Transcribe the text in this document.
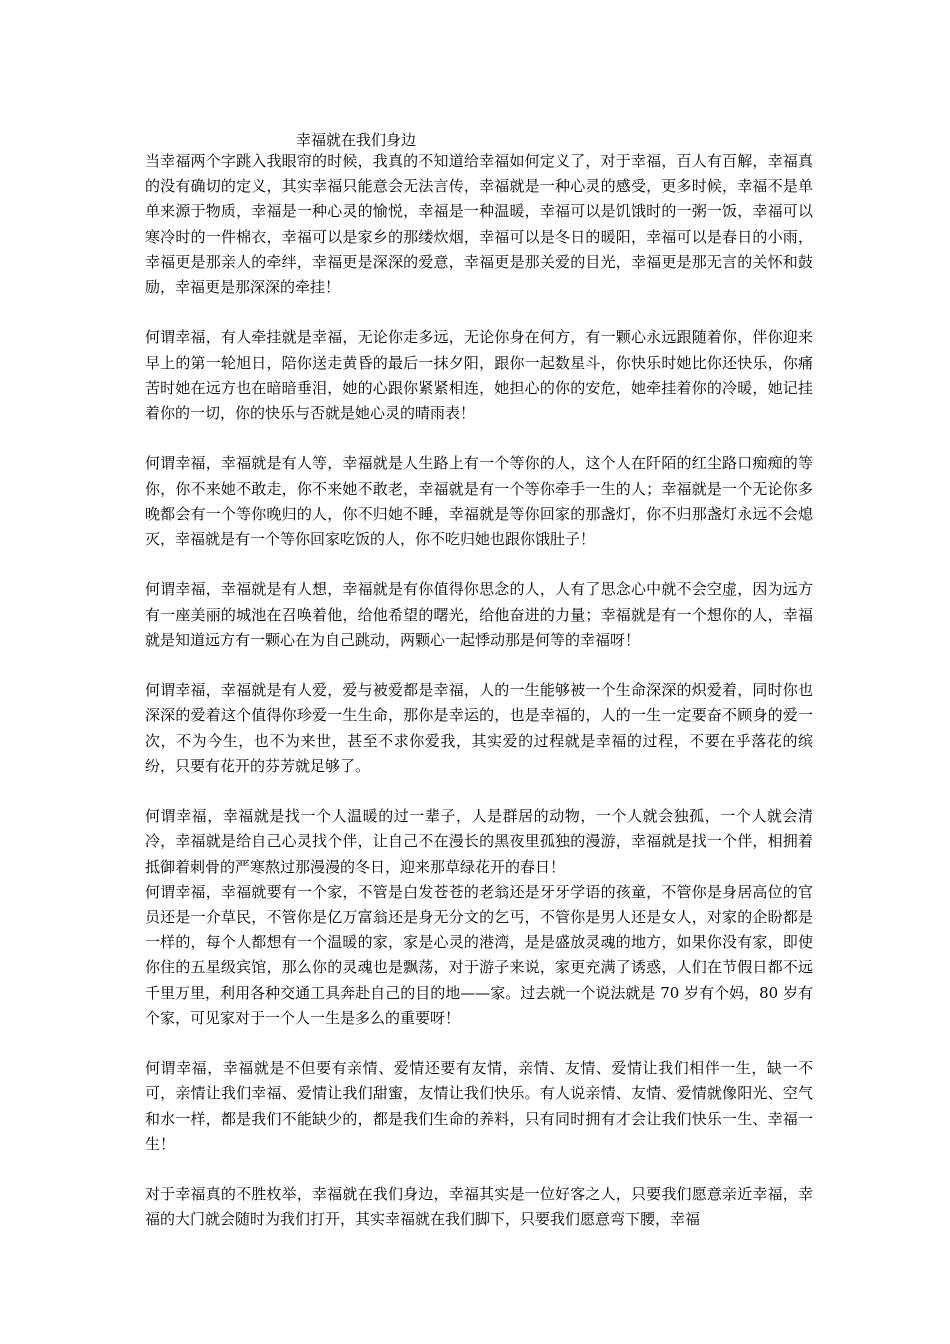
幸福就在我们身边

当幸福两个字跳入我眼帘的时候，我真的不知道给幸福如何定义了，对于幸福，百人有百解，幸福真的没有确切的定义，其实幸福只能意会无法言传，幸福就是一种心灵的感受，更多时候，幸福不是单单来源于物质，幸福是一种心灵的愉悦，幸福是一种温暖，幸福可以是饥饿时的一粥一饭，幸福可以寒冷时的一件棉衣，幸福可以是家乡的那缕炊烟，幸福可以是冬日的暖阳，幸福可以是春日的小雨，幸福更是那亲人的牵绊，幸福更是深深的爱意，幸福更是那关爱的目光，幸福更是那无言的关怀和鼓励，幸福更是那深深的牵挂！

何谓幸福，有人牵挂就是幸福，无论你走多远，无论你身在何方，有一颗心永远跟随着你，伴你迎来早上的第一轮旭日，陪你送走黄昏的最后一抹夕阳，跟你一起数星斗，你快乐时她比你还快乐，你痛苦时她在远方也在暗暗垂泪，她的心跟你紧紧相连，她担心的你的安危，她牵挂着你的冷暖，她记挂着你的一切，你的快乐与否就是她心灵的晴雨表！

何谓幸福，幸福就是有人等，幸福就是人生路上有一个等你的人，这个人在阡陌的红尘路口痴痴的等你，你不来她不敢走，你不来她不敢老，幸福就是有一个等你牵手一生的人；幸福就是一个无论你多晚都会有一个等你晚归的人，你不归她不睡，幸福就是等你回家的那盏灯，你不归那盏灯永远不会熄灭，幸福就是有一个等你回家吃饭的人，你不吃归她也跟你饿肚子！

何谓幸福，幸福就是有人想，幸福就是有你值得你思念的人，人有了思念心中就不会空虚，因为远方有一座美丽的城池在召唤着他，给他希望的曙光，给他奋进的力量；幸福就是有一个想你的人，幸福就是知道远方有一颗心在为自己跳动，两颗心一起悸动那是何等的幸福呀！

何谓幸福，幸福就是有人爱，爱与被爱都是幸福，人的一生能够被一个生命深深的炽爱着，同时你也深深的爱着这个值得你珍爱一生生命，那你是幸运的，也是幸福的，人的一生一定要奋不顾身的爱一次，不为今生，也不为来世，甚至不求你爱我，其实爱的过程就是幸福的过程，不要在乎落花的缤纷，只要有花开的芬芳就足够了。

何谓幸福，幸福就是找一个人温暖的过一辈子，人是群居的动物，一个人就会独孤，一个人就会清冷，幸福就是给自己心灵找个伴，让自己不在漫长的黑夜里孤独的漫游，幸福就是找一个伴，相拥着抵御着刺骨的严寒熬过那漫漫的冬日，迎来那草绿花开的春日！

何谓幸福，幸福就要有一个家，不管是白发苍苍的老翁还是牙牙学语的孩童，不管你是身居高位的官员还是一介草民，不管你是亿万富翁还是身无分文的乞丐，不管你是男人还是女人，对家的企盼都是一样的，每个人都想有一个温暖的家，家是心灵的港湾，是是盛放灵魂的地方，如果你没有家，即使你住的五星级宾馆，那么你的灵魂也是飘荡，对于游子来说，家更充满了诱惑，人们在节假日都不远千里万里，利用各种交通工具奔赴自己的目的地——家。过去就一个说法就是 70 岁有个妈，80 岁有个家，可见家对于一个人一生是多么的重要呀！

何谓幸福，幸福就是不但要有亲情、爱情还要有友情，亲情、友情、爱情让我们相伴一生，缺一不可，亲情让我们幸福、爱情让我们甜蜜，友情让我们快乐。有人说亲情、友情、爱情就像阳光、空气和水一样，都是我们不能缺少的，都是我们生命的养料，只有同时拥有才会让我们快乐一生、幸福一生！

对于幸福真的不胜枚举，幸福就在我们身边，幸福其实是一位好客之人，只要我们愿意亲近幸福，幸福的大门就会随时为我们打开，其实幸福就在我们脚下，只要我们愿意弯下腰，幸福
